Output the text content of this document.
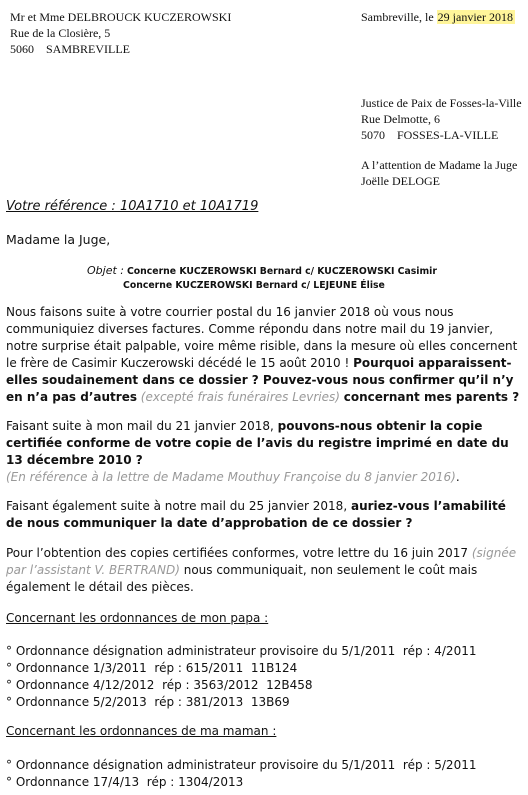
Mr et Mme DELBROUCK KUCZEROWSKI

Rue de la Closière, 5

5060 SAMBREVILLE

Sambreville, le 29 janvier 2018

Justice de Paix de Fosses-la-Ville

Rue Delmotte, 6

5070 FOSSES-LA-VILLE

A l’attention de Madame la Juge

Joëlle DELOGE

Votre référence : 10A1710 et 10A1719
Madame la Juge,
Objet : Concerne KUCZEROWSKI Bernard c/ KUCZEROWSKI Casimir
Concerne KUCZEROWSKI Bernard c/ LEJEUNE Élise
Nous faisons suite à votre courrier postal du 16 janvier 2018 où vous nous communiquiez diverses factures. Comme répondu dans notre mail du 19 janvier, notre surprise était palpable, voire même risible, dans la mesure où elles concernent le frère de Casimir Kuczerowski décédé le 15 août 2010 ! Pourquoi apparaissent-elles soudainement dans ce dossier ? Pouvez-vous nous confirmer qu’il n’y en n’a pas d’autres (excepté frais funéraires Levries) concernant mes parents ?
Faisant suite à mon mail du 21 janvier 2018, pouvons-nous obtenir la copie certifiée conforme de votre copie de l’avis du registre imprimé en date du 13 décembre 2010 ?
(En référence à la lettre de Madame Mouthuy Françoise du 8 janvier 2016).
Faisant également suite à notre mail du 25 janvier 2018, auriez-vous l’amabilité de nous communiquer la date d’approbation de ce dossier ?
Pour l’obtention des copies certifiées conformes, votre lettre du 16 juin 2017 (signée par l’assistant V. BERTRAND) nous communiquait, non seulement le coût mais également le détail des pièces.
Concernant les ordonnances de mon papa :
° Ordonnance désignation administrateur provisoire du 5/1/2011  rép : 4/2011
° Ordonnance 1/3/2011  rép : 615/2011  11B124
° Ordonnance 4/12/2012  rép : 3563/2012  12B458
° Ordonnance 5/2/2013  rép : 381/2013  13B69
Concernant les ordonnances de ma maman :
° Ordonnance désignation administrateur provisoire du 5/1/2011  rép : 5/2011
° Ordonnance 17/4/13  rép : 1304/2013
